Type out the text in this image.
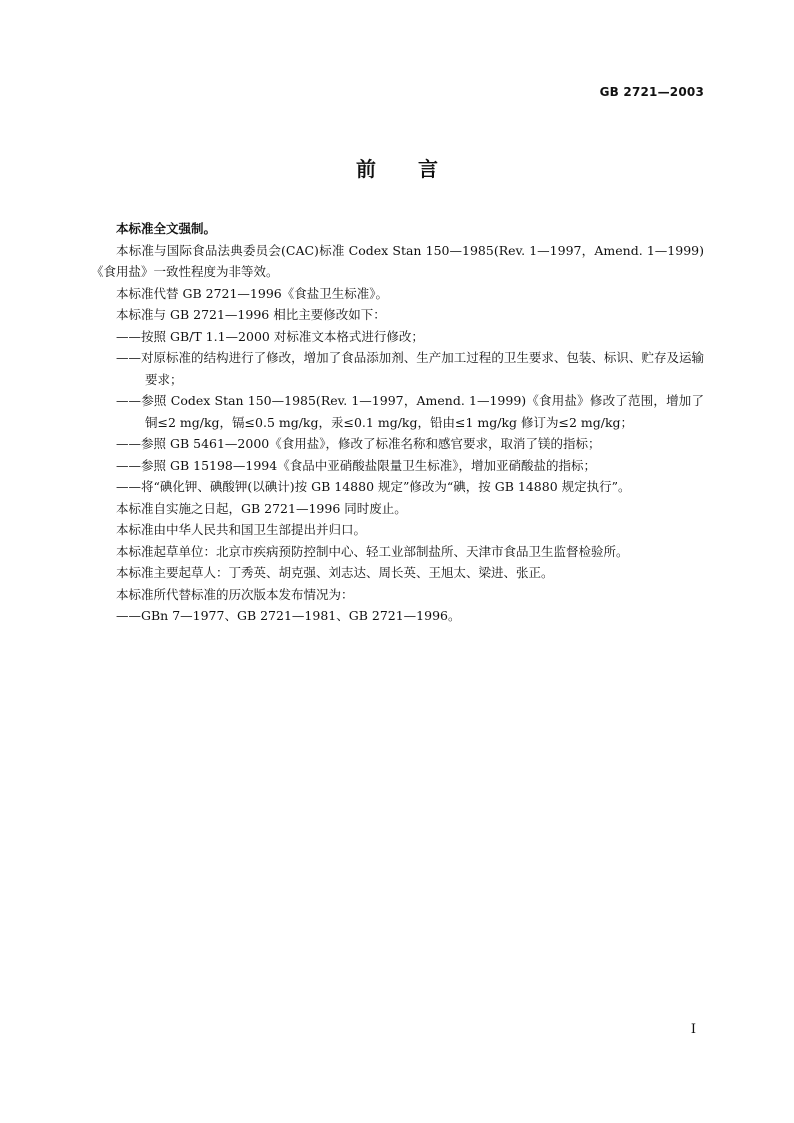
GB 2721—2003
前言

本标准全文强制。

本标准与国际食品法典委员会(CAC)标准 Codex Stan 150—1985(Rev. 1—1997，Amend. 1—1999)《食用盐》一致性程度为非等效。

本标准代替 GB 2721—1996《食盐卫生标准》。

本标准与 GB 2721—1996 相比主要修改如下：

——按照 GB/T 1.1—2000 对标准文本格式进行修改；

——对原标准的结构进行了修改，增加了食品添加剂、生产加工过程的卫生要求、包装、标识、贮存及运输要求；

——参照 Codex Stan 150—1985(Rev. 1—1997，Amend. 1—1999)《食用盐》修改了范围，增加了铜≤2 mg/kg，镉≤0.5 mg/kg，汞≤0.1 mg/kg，铅由≤1 mg/kg 修订为≤2 mg/kg；

——参照 GB 5461—2000《食用盐》，修改了标准名称和感官要求，取消了镁的指标；

——参照 GB 15198—1994《食品中亚硝酸盐限量卫生标准》，增加亚硝酸盐的指标；

——将“碘化钾、碘酸钾(以碘计)按 GB 14880 规定”修改为“碘，按 GB 14880 规定执行”。

本标准自实施之日起，GB 2721—1996 同时废止。

本标准由中华人民共和国卫生部提出并归口。

本标准起草单位：北京市疾病预防控制中心、轻工业部制盐所、天津市食品卫生监督检验所。

本标准主要起草人：丁秀英、胡克强、刘志达、周长英、王旭太、梁进、张正。

本标准所代替标准的历次版本发布情况为：

——GBn 7—1977、GB 2721—1981、GB 2721—1996。

I
